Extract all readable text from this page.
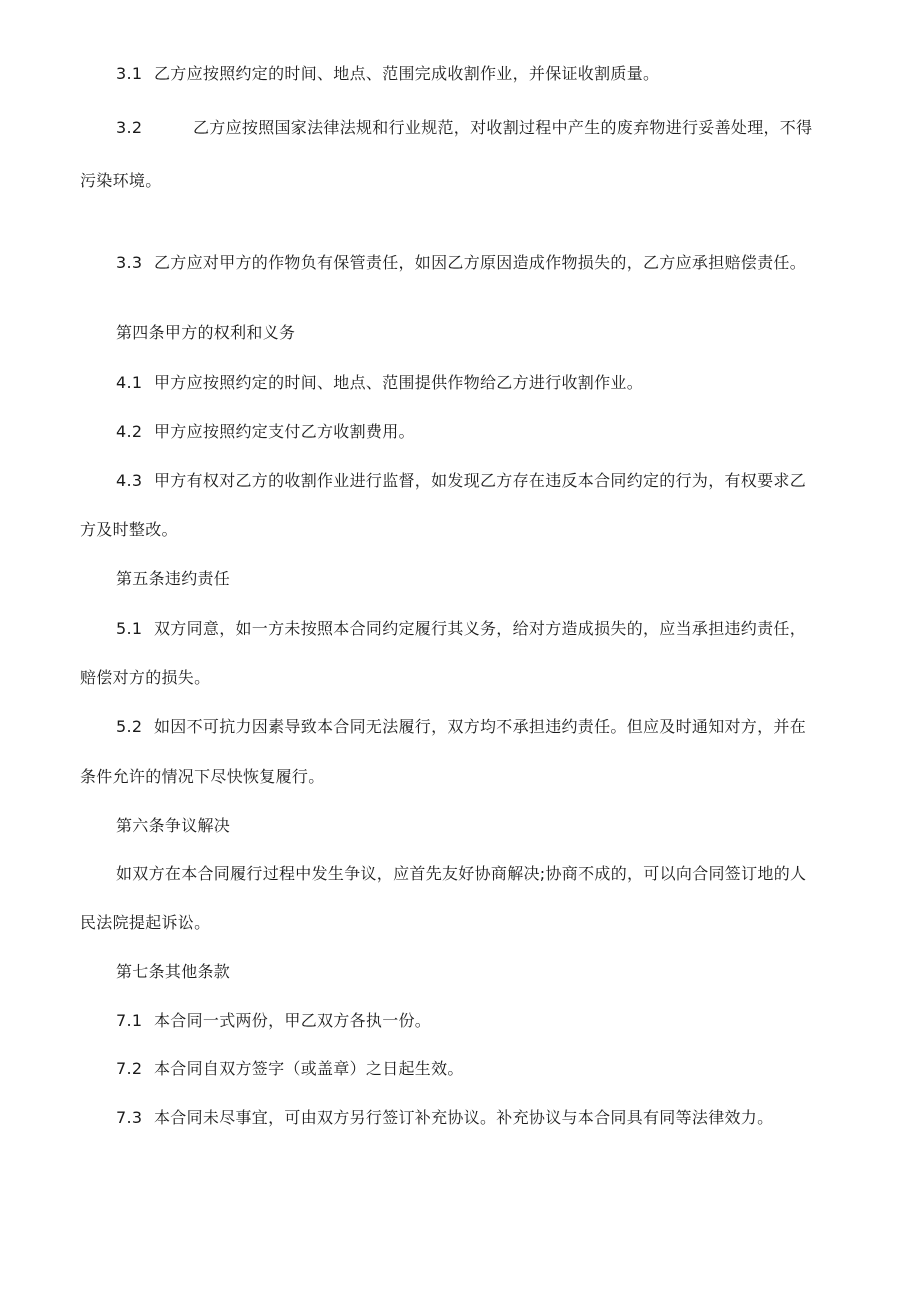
3.1 乙方应按照约定的时间、地点、范围完成收割作业，并保证收割质量。
3.2	乙方应按照国家法律法规和行业规范，对收割过程中产生的废弃物进行妥善处理，不得
污染环境。
3.3 乙方应对甲方的作物负有保管责任，如因乙方原因造成作物损失的，乙方应承担赔偿责任。
第四条甲方的权利和义务
4.1 甲方应按照约定的时间、地点、范围提供作物给乙方进行收割作业。
4.2 甲方应按照约定支付乙方收割费用。
4.3 甲方有权对乙方的收割作业进行监督，如发现乙方存在违反本合同约定的行为，有权要求乙
方及时整改。
第五条违约责任
5.1 双方同意，如一方未按照本合同约定履行其义务，给对方造成损失的，应当承担违约责任，
赔偿对方的损失。
5.2 如因不可抗力因素导致本合同无法履行，双方均不承担违约责任。但应及时通知对方，并在
条件允许的情况下尽快恢复履行。
第六条争议解决
如双方在本合同履行过程中发生争议，应首先友好协商解决;协商不成的，可以向合同签订地的人
民法院提起诉讼。
第七条其他条款
7.1 本合同一式两份，甲乙双方各执一份。
7.2 本合同自双方签字（或盖章）之日起生效。
7.3 本合同未尽事宜，可由双方另行签订补充协议。补充协议与本合同具有同等法律效力。
